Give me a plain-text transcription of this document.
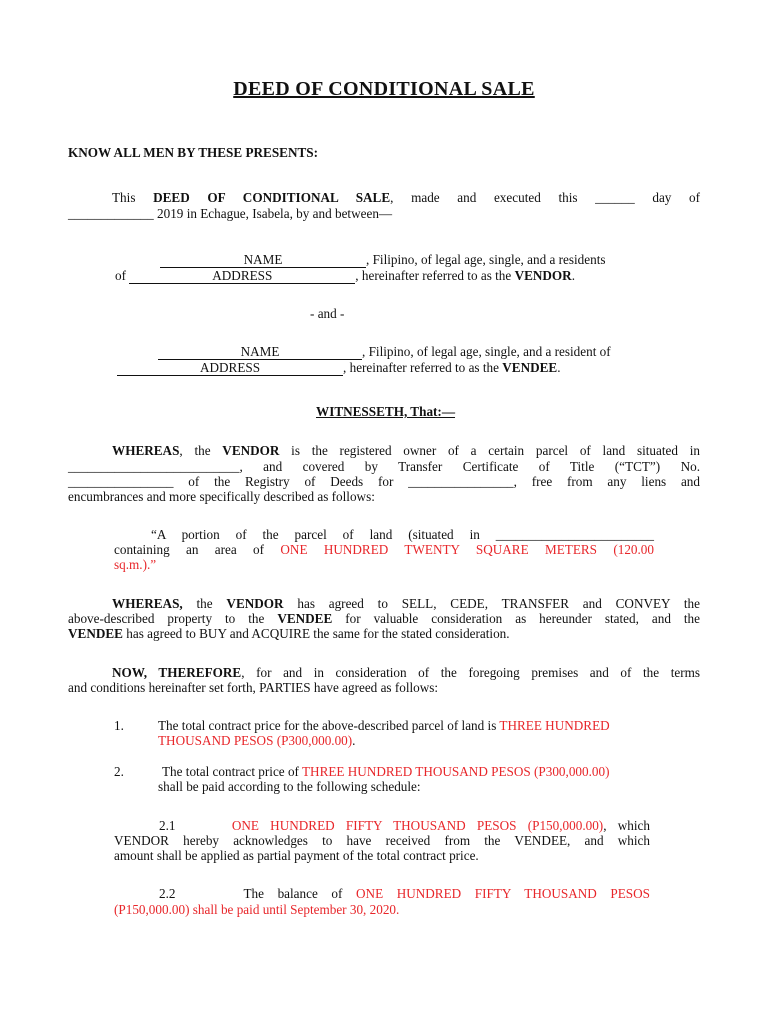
DEED OF CONDITIONAL SALE
KNOW ALL MEN BY THESE PRESENTS:
This DEED OF CONDITIONAL SALE, made and executed this ______ day of
_____________ 2019 in Echague, Isabela, by and between—
NAME	, Filipino, of legal age, single, and a residents
of	ADDRESS	, hereinafter referred to as the VENDOR.
- and -
NAME	, Filipino, of legal age, single, and a resident of
ADDRESS	, hereinafter referred to as the VENDEE.
WITNESSETH, That:—
WHEREAS, the VENDOR is the registered owner of a certain parcel of land situated in
__________________________, and covered by Transfer Certificate of Title (“TCT”) No.
________________ of the Registry of Deeds for ________________, free from any liens and
encumbrances and more specifically described as follows:
“A portion of the parcel of land (situated in ________________________
containing an area of ONE HUNDRED TWENTY SQUARE METERS (120.00
sq.m.).”
WHEREAS, the VENDOR has agreed to SELL, CEDE, TRANSFER and CONVEY the
above-described property to the VENDEE for valuable consideration as hereunder stated, and the
VENDEE has agreed to BUY and ACQUIRE the same for the stated consideration.
NOW, THEREFORE, for and in consideration of the foregoing premises and of the terms
and conditions hereinafter set forth, PARTIES have agreed as follows:
1.	The total contract price for the above-described parcel of land is THREE HUNDRED
THOUSAND PESOS (P300,000.00).
2.	The total contract price of THREE HUNDRED THOUSAND PESOS (P300,000.00)
shall be paid according to the following schedule:
2.1	ONE HUNDRED FIFTY THOUSAND PESOS (P150,000.00), which
VENDOR hereby acknowledges to have received from the VENDEE, and which
amount shall be applied as partial payment of the total contract price.
2.2	The balance of ONE HUNDRED FIFTY THOUSAND PESOS
(P150,000.00) shall be paid until September 30, 2020.
